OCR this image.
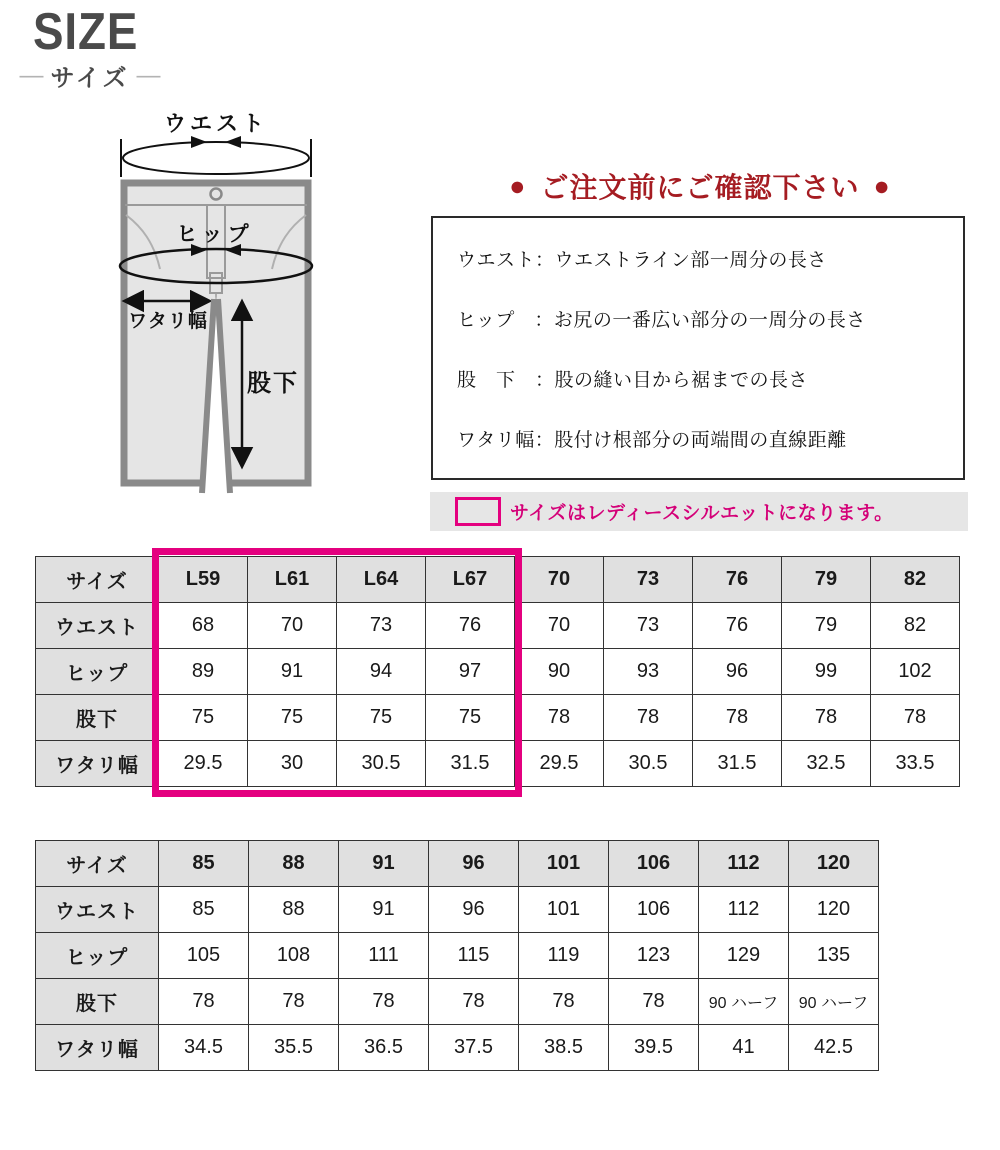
SIZE
— サイズ —
ウエスト
ヒップ
ワタリ幅
股下
● ご注文前にご確認下さい ●
ウエスト：ウエストライン部一周分の長さ
ヒップ　：お尻の一番広い部分の一周分の長さ
股　下　：股の縫い目から裾までの長さ
ワタリ幅：股付け根部分の両端間の直線距離
サイズはレディースシルエットになります。
サイズ	L59	L61	L64	L67	70	73	76	79	82
ウエスト	68	70	73	76	70	73	76	79	82
ヒップ	89	91	94	97	90	93	96	99	102
股下	75	75	75	75	78	78	78	78	78
ワタリ幅	29.5	30	30.5	31.5	29.5	30.5	31.5	32.5	33.5
サイズ	85	88	91	96	101	106	112	120
ウエスト	85	88	91	96	101	106	112	120
ヒップ	105	108	111	115	119	123	129	135
股下	78	78	78	78	78	78	90 ハーフ	90 ハーフ
ワタリ幅	34.5	35.5	36.5	37.5	38.5	39.5	41	42.5
